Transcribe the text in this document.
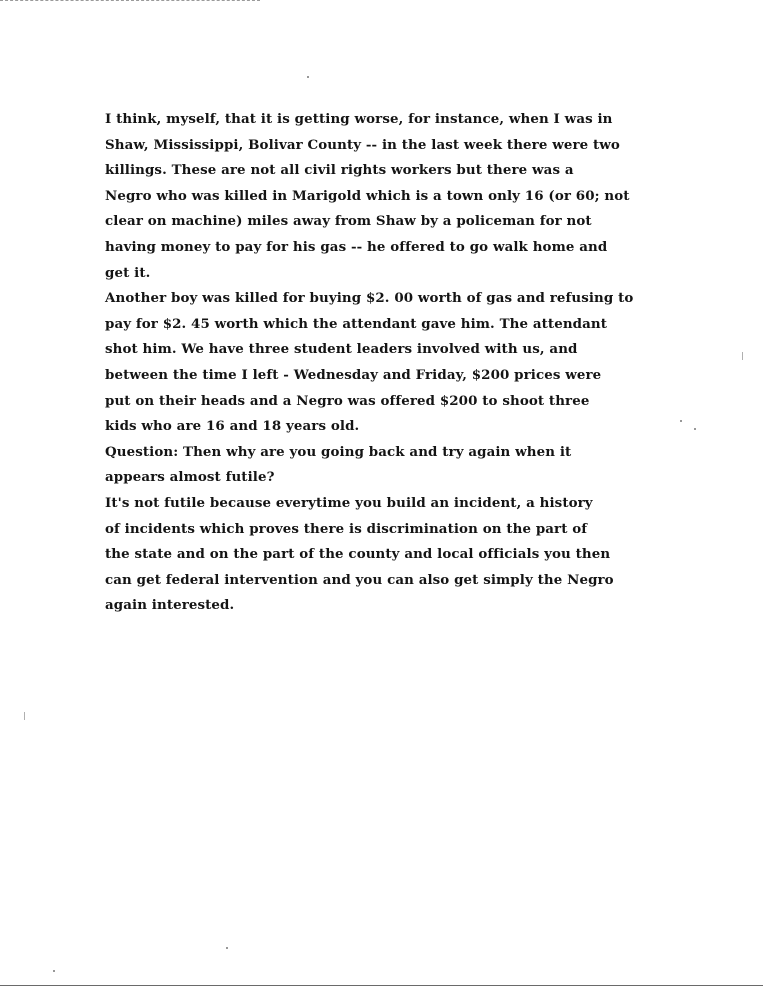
I think, myself, that it is getting worse, for instance, when I was in
Shaw, Mississippi, Bolivar County -- in the last week there were two
killings. These are not all civil rights workers but there was a
Negro who was killed in Marigold which is a town only 16 (or 60; not
clear on machine) miles away from Shaw by a policeman for not
having money to pay for his gas -- he offered to go walk home and
get it.

Another boy was killed for buying $2. 00 worth of gas and refusing to
pay for $2. 45 worth which the attendant gave him. The attendant
shot him. We have three student leaders involved with us, and
between the time I left - Wednesday and Friday, $200 prices were
put on their heads and a Negro was offered $200 to shoot three
kids who are 16 and 18 years old.

Question: Then why are you going back and try again when it
appears almost futile?

It's not futile because everytime you build an incident, a history
of incidents which proves there is discrimination on the part of
the state and on the part of the county and local officials you then
can get federal intervention and you can also get simply the Negro
again interested.
